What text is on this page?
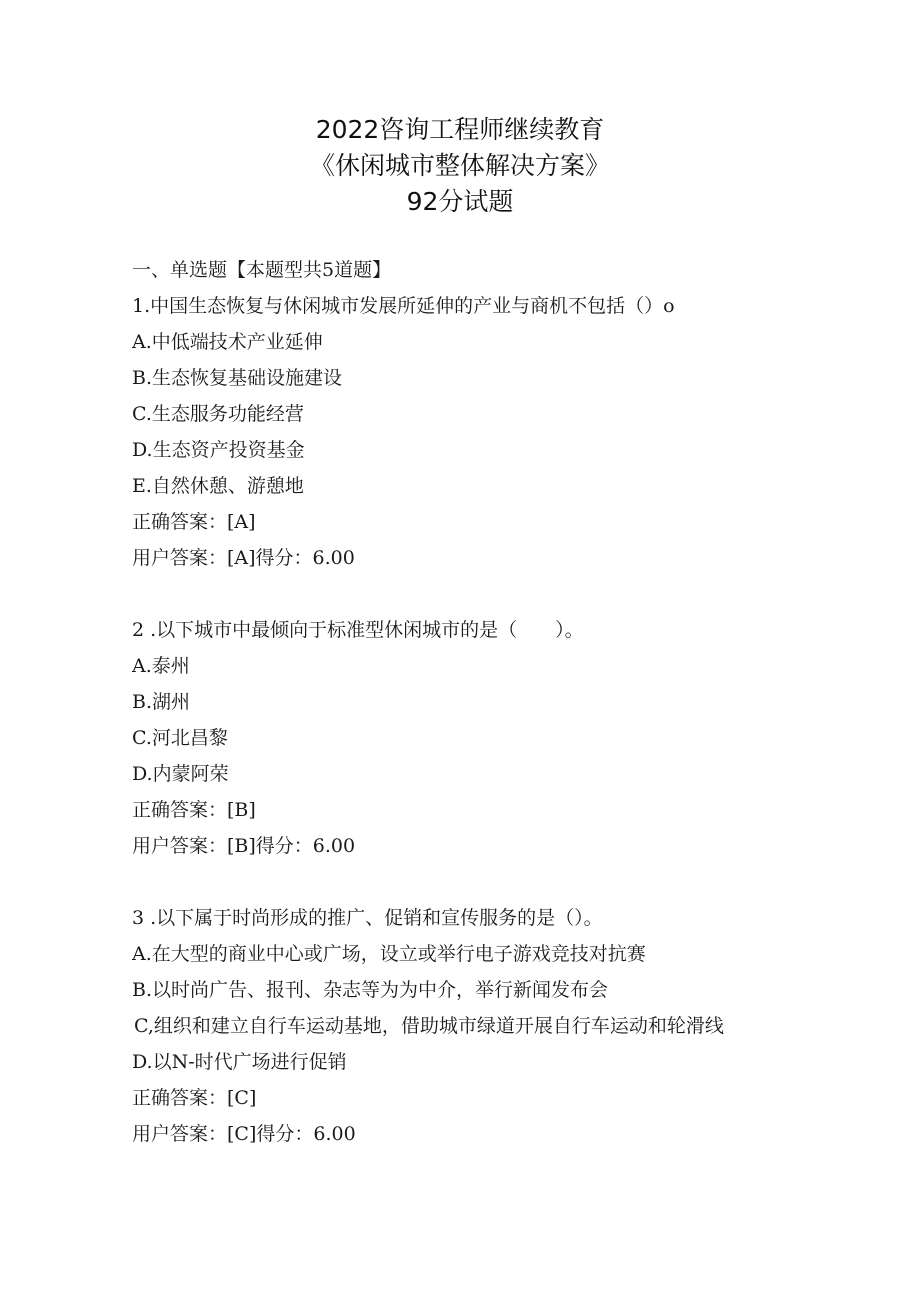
2022咨询工程师继续教育
《休闲城市整体解决方案》
92分试题
一、单选题【本题型共5道题】
1.中国生态恢复与休闲城市发展所延伸的产业与商机不包括（）o
A.中低端技术产业延伸
B.生态恢复基础设施建设
C.生态服务功能经营
D.生态资产投资基金
E.自然休憩、游憩地
正确答案：[A]
用户答案：[A]得分：6.00
2 .以下城市中最倾向于标准型休闲城市的是（　　）。
A.泰州
B.湖州
C.河北昌黎
D.内蒙阿荣
正确答案：[B]
用户答案：[B]得分：6.00
3 .以下属于时尚形成的推广、促销和宣传服务的是（）。
A.在大型的商业中心或广场，设立或举行电子游戏竞技对抗赛
B.以时尚广告、报刊、杂志等为为中介，举行新闻发布会
C,组织和建立自行车运动基地，借助城市绿道开展自行车运动和轮滑线
D.以N-时代广场进行促销
正确答案：[C]
用户答案：[C]得分：6.00
